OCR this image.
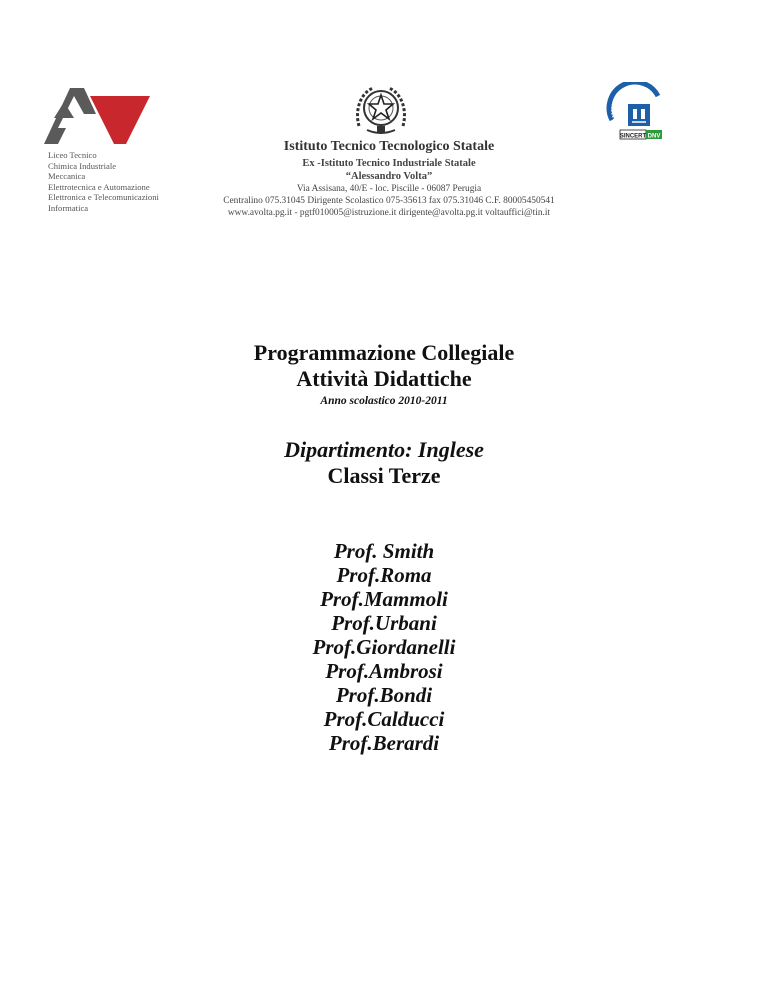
Liceo Tecnico
Chimica Industriale
Meccanica
Elettrotecnica e Automazione
Elettronica e Telecomunicazioni
Informatica
SINCERT DNV
Istituto Tecnico Tecnologico Statale
Ex -Istituto Tecnico Industriale Statale
“Alessandro Volta”
Via Assisana, 40/E - loc. Piscille - 06087 Perugia
Centralino 075.31045 Dirigente Scolastico 075-35613 fax 075.31046 C.F. 80005450541
www.avolta.pg.it - pgtf010005@istruzione.it dirigente@avolta.pg.it voltauffici@tin.it
Programmazione Collegiale
Attività Didattiche
Anno scolastico 2010-2011
Dipartimento: Inglese
Classi Terze
Prof. Smith
Prof.Roma
Prof.Mammoli
Prof.Urbani
Prof.Giordanelli
Prof.Ambrosi
Prof.Bondi
Prof.Calducci
Prof.Berardi
